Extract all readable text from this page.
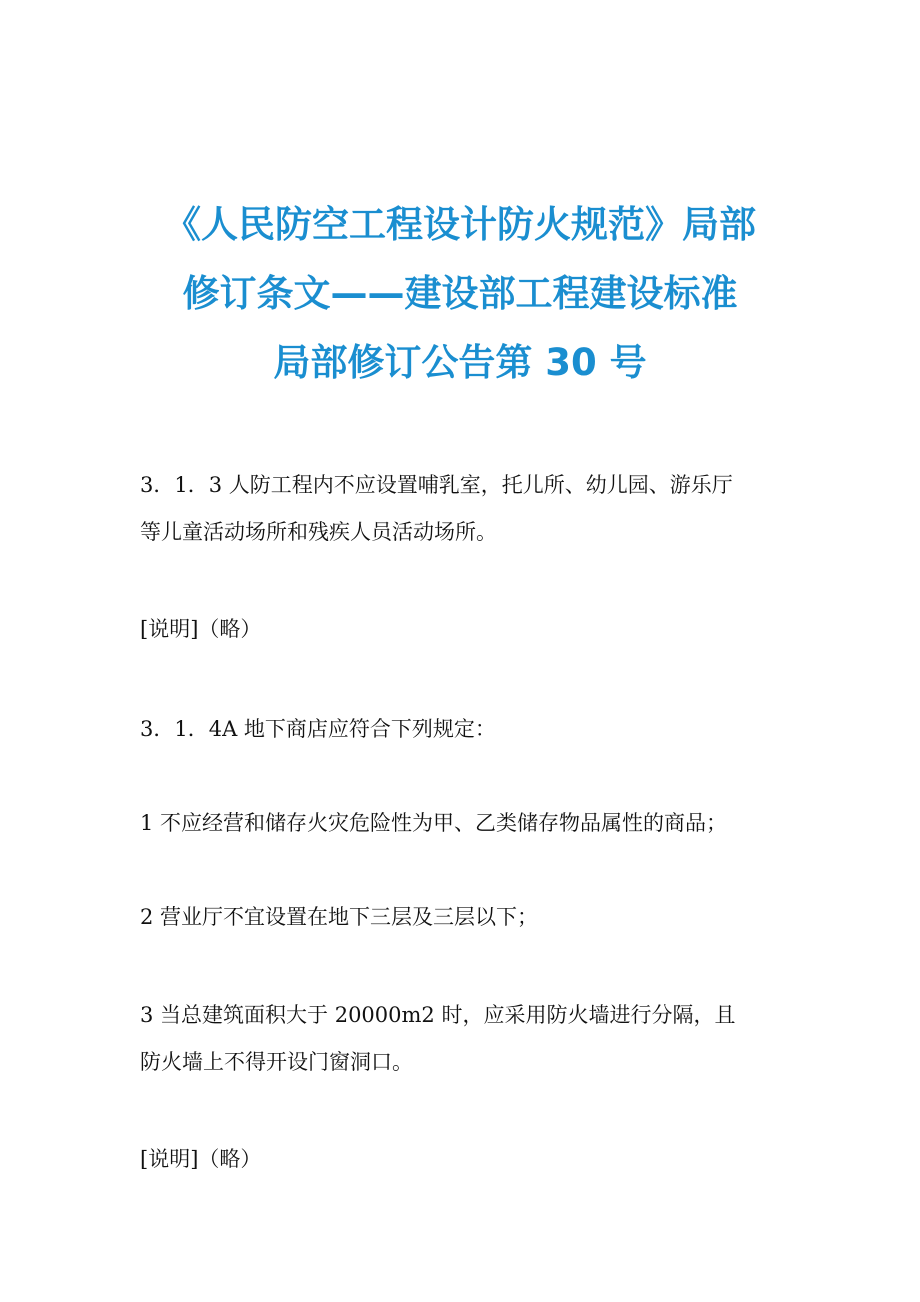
《人民防空工程设计防火规范》局部
修订条文——建设部工程建设标准
局部修订公告第 30 号

3．1．3 人防工程内不应设置哺乳室，托儿所、幼儿园、游乐厅
等儿童活动场所和残疾人员活动场所。

[说明]（略）

3．1．4A 地下商店应符合下列规定：

1 不应经营和储存火灾危险性为甲、乙类储存物品属性的商品；

2 营业厅不宜设置在地下三层及三层以下；

3 当总建筑面积大于 20000m2 时，应采用防火墙进行分隔，且
防火墙上不得开设门窗洞口。

[说明]（略）
